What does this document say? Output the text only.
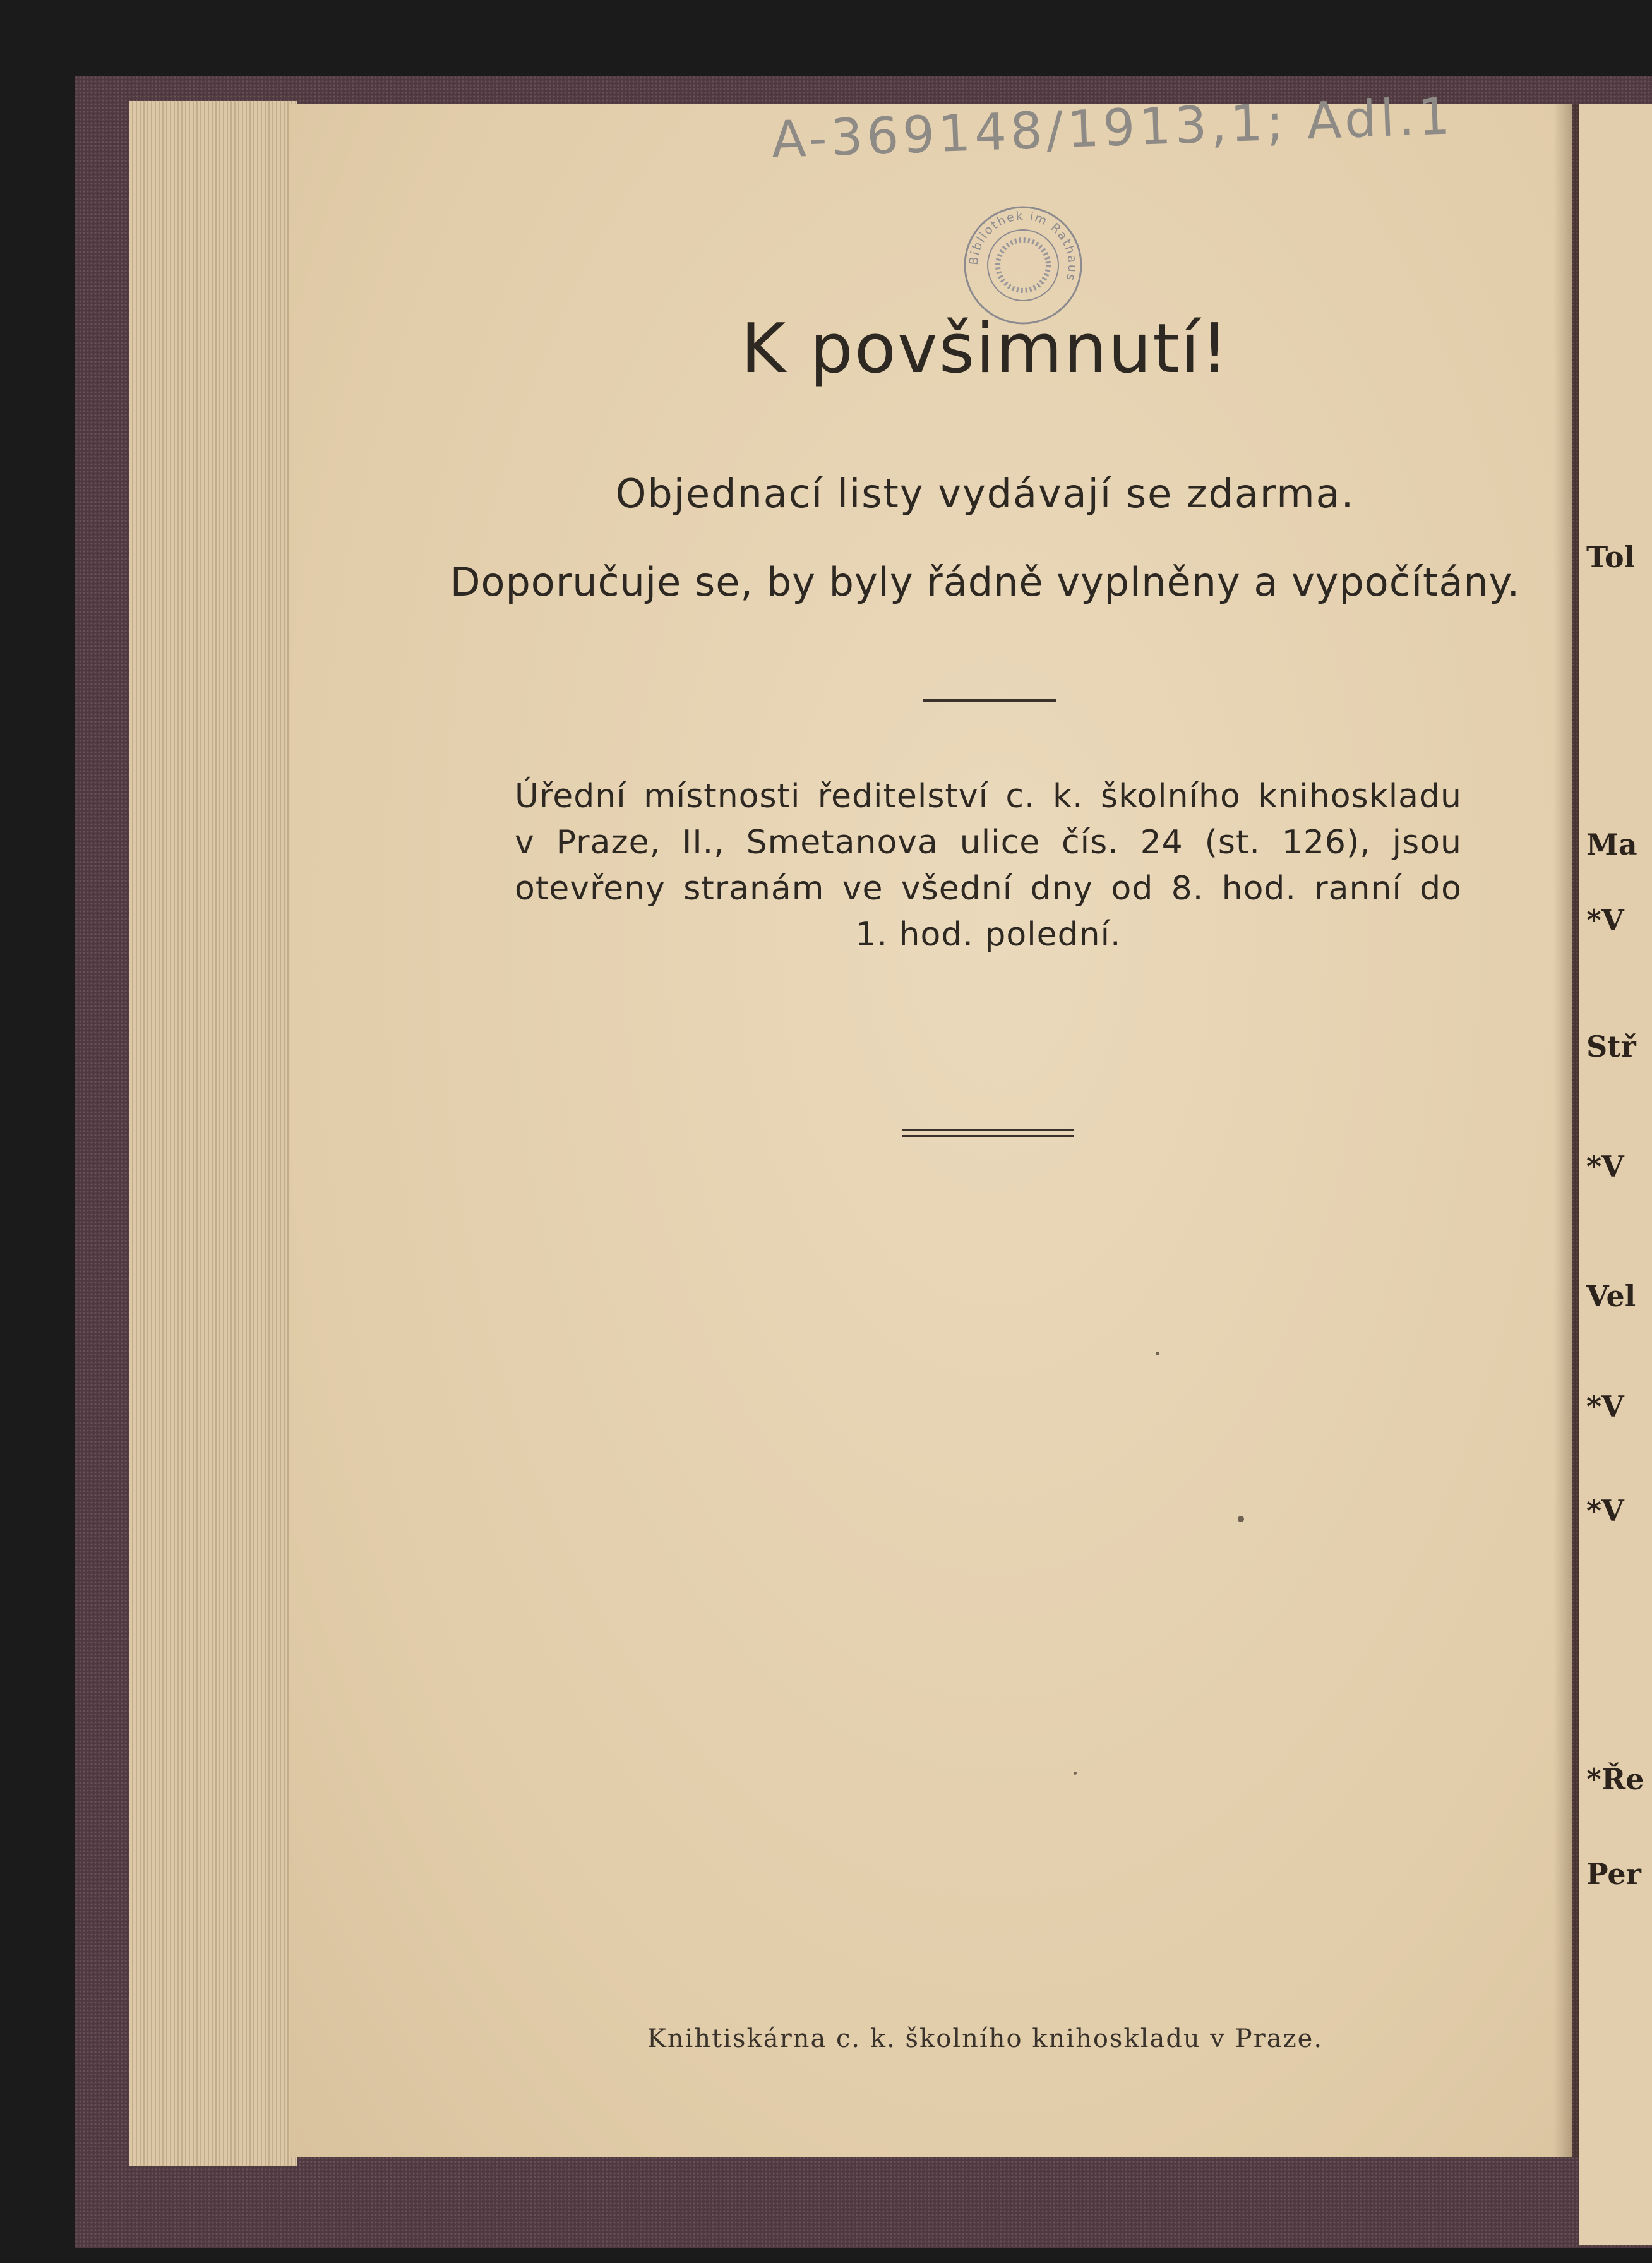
Tol
Ma
*V
Stř
*V
Vel
*V
*V
*Ře
Per
A-369148/1913,1; Adl.1
Bibliothek im Rathaus
K povšimnutí!
Objednací listy vydávají se zdarma.
Doporučuje se, by byly řádně vyplněny a vypočítány.
Úřední místnosti ředitelství c. k. školního knihoskladu
v Praze, II., Smetanova ulice čís. 24 (st. 126), jsou
otevřeny stranám ve všední dny od 8. hod. ranní do
1. hod. polední.
Knihtiskárna c. k. školního knihoskladu v Praze.
